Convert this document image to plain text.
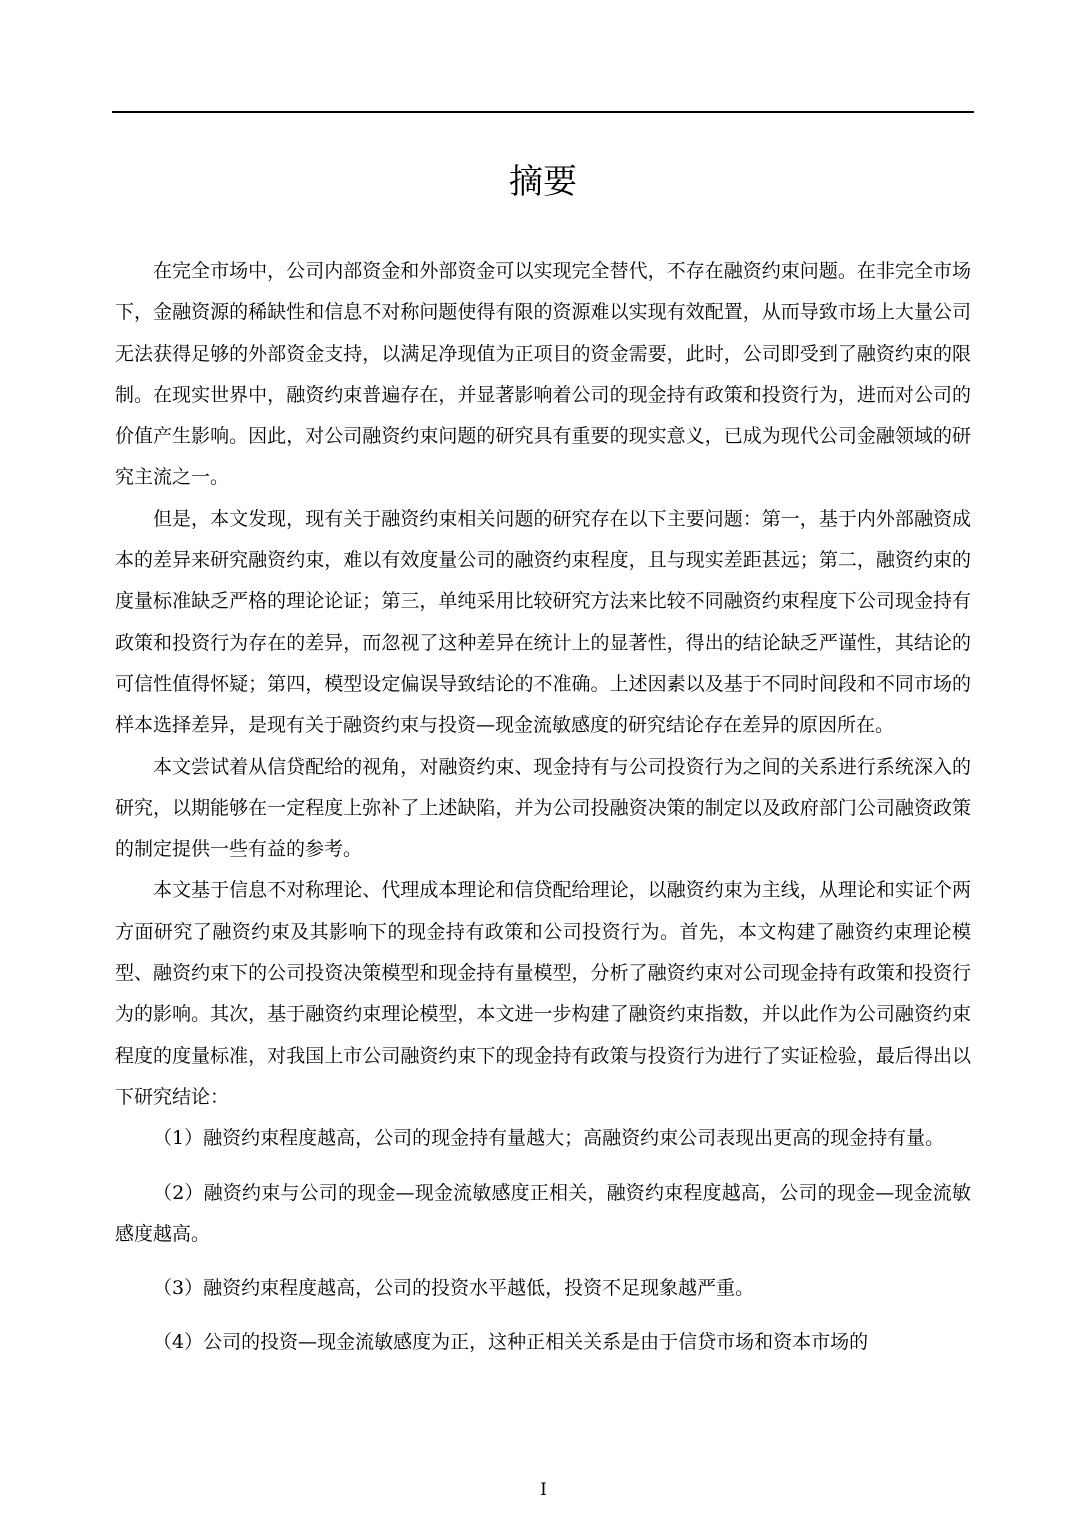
摘要

在完全市场中，公司内部资金和外部资金可以实现完全替代，不存在融资约束问题。在非完全市场下，金融资源的稀缺性和信息不对称问题使得有限的资源难以实现有效配置，从而导致市场上大量公司无法获得足够的外部资金支持，以满足净现值为正项目的资金需要，此时，公司即受到了融资约束的限制。在现实世界中，融资约束普遍存在，并显著影响着公司的现金持有政策和投资行为，进而对公司的价值产生影响。因此，对公司融资约束问题的研究具有重要的现实意义，已成为现代公司金融领域的研究主流之一。

但是，本文发现，现有关于融资约束相关问题的研究存在以下主要问题：第一，基于内外部融资成本的差异来研究融资约束，难以有效度量公司的融资约束程度，且与现实差距甚远；第二，融资约束的度量标准缺乏严格的理论论证；第三，单纯采用比较研究方法来比较不同融资约束程度下公司现金持有政策和投资行为存在的差异，而忽视了这种差异在统计上的显著性，得出的结论缺乏严谨性，其结论的可信性值得怀疑；第四，模型设定偏误导致结论的不准确。上述因素以及基于不同时间段和不同市场的样本选择差异，是现有关于融资约束与投资—现金流敏感度的研究结论存在差异的原因所在。

本文尝试着从信贷配给的视角，对融资约束、现金持有与公司投资行为之间的关系进行系统深入的研究，以期能够在一定程度上弥补了上述缺陷，并为公司投融资决策的制定以及政府部门公司融资政策的制定提供一些有益的参考。

本文基于信息不对称理论、代理成本理论和信贷配给理论，以融资约束为主线，从理论和实证个两方面研究了融资约束及其影响下的现金持有政策和公司投资行为。首先，本文构建了融资约束理论模型、融资约束下的公司投资决策模型和现金持有量模型，分析了融资约束对公司现金持有政策和投资行为的影响。其次，基于融资约束理论模型，本文进一步构建了融资约束指数，并以此作为公司融资约束程度的度量标准，对我国上市公司融资约束下的现金持有政策与投资行为进行了实证检验，最后得出以下研究结论：

（1）融资约束程度越高，公司的现金持有量越大；高融资约束公司表现出更高的现金持有量。

（2）融资约束与公司的现金—现金流敏感度正相关，融资约束程度越高，公司的现金—现金流敏感度越高。

（3）融资约束程度越高，公司的投资水平越低，投资不足现象越严重。

（4）公司的投资—现金流敏感度为正，这种正相关关系是由于信贷市场和资本市场的

I
